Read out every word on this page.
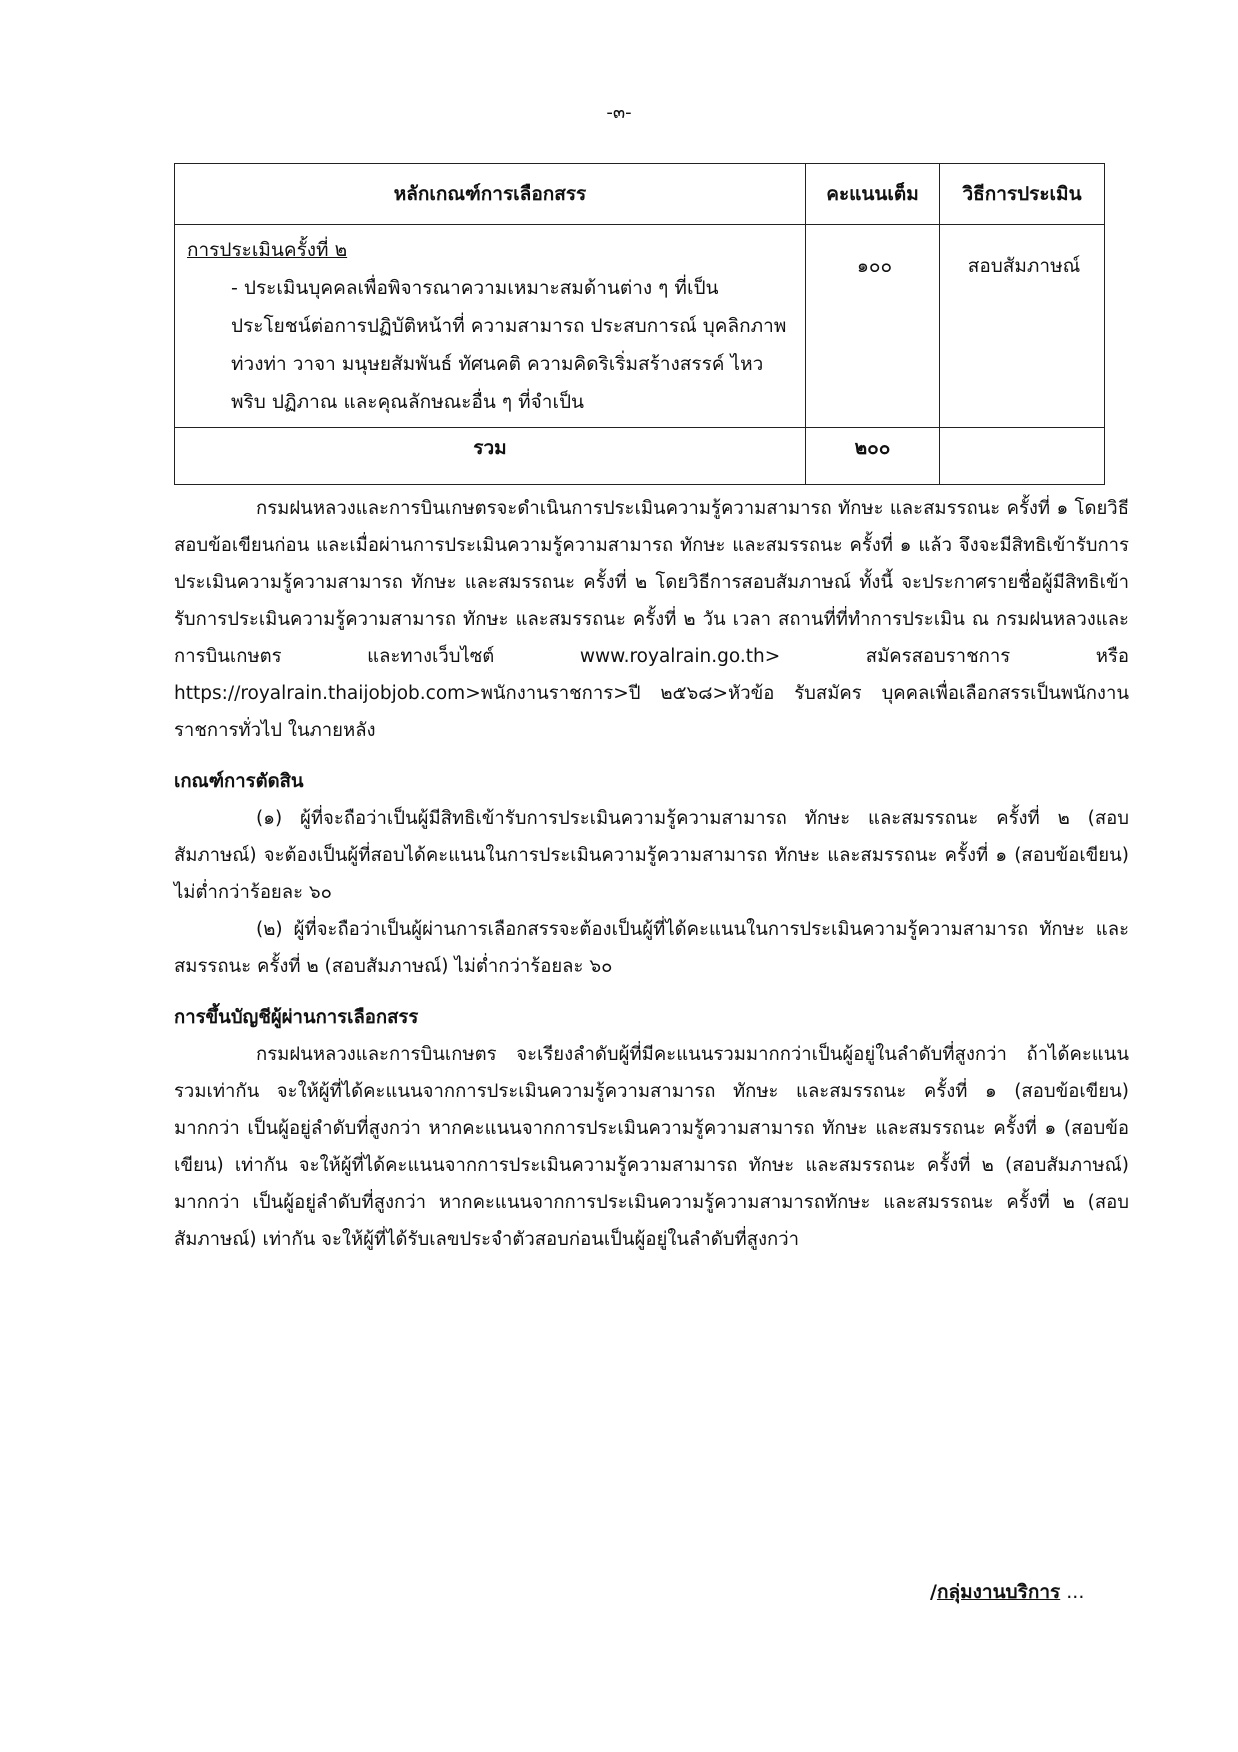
-๓-
หลักเกณฑ์การเลือกสรร	คะแนนเต็ม	วิธีการประเมิน

การประเมินครั้งที่ ๒
- ประเมินบุคคลเพื่อพิจารณาความเหมาะสมด้านต่าง ๆ ที่เป็นประโยชน์ต่อการปฏิบัติหน้าที่ ความสามารถ ประสบการณ์ บุคลิกภาพ ท่วงท่า วาจา มนุษยสัมพันธ์ ทัศนคติ ความคิดริเริ่มสร้างสรรค์ ไหวพริบ ปฏิภาณ และคุณลักษณะอื่น ๆ ที่จำเป็น	๑๐๐	สอบสัมภาษณ์
รวม	๒๐๐	

กรมฝนหลวงและการบินเกษตรจะดำเนินการประเมินความรู้ความสามารถ ทักษะ และสมรรถนะ ครั้งที่ ๑ โดยวิธีสอบข้อเขียนก่อน และเมื่อผ่านการประเมินความรู้ความสามารถ ทักษะ และสมรรถนะ ครั้งที่ ๑ แล้ว จึงจะมีสิทธิเข้ารับการประเมินความรู้ความสามารถ ทักษะ และสมรรถนะ ครั้งที่ ๒ โดยวิธีการสอบสัมภาษณ์ ทั้งนี้ จะประกาศรายชื่อผู้มีสิทธิเข้ารับการประเมินความรู้ความสามารถ ทักษะ และสมรรถนะ ครั้งที่ ๒ วัน เวลา สถานที่ที่ทำการประเมิน ณ กรมฝนหลวงและการบินเกษตร และทางเว็บไซต์ www.royalrain.go.th> สมัครสอบราชการ หรือ https://royalrain.thaijobjob.com>พนักงานราชการ>ปี ๒๕๖๘>หัวข้อ รับสมัคร บุคคลเพื่อเลือกสรรเป็นพนักงานราชการทั่วไป ในภายหลัง

เกณฑ์การตัดสิน

(๑) ผู้ที่จะถือว่าเป็นผู้มีสิทธิเข้ารับการประเมินความรู้ความสามารถ ทักษะ และสมรรถนะ ครั้งที่ ๒ (สอบสัมภาษณ์) จะต้องเป็นผู้ที่สอบได้คะแนนในการประเมินความรู้ความสามารถ ทักษะ และสมรรถนะ ครั้งที่ ๑ (สอบข้อเขียน) ไม่ต่ำกว่าร้อยละ ๖๐

(๒) ผู้ที่จะถือว่าเป็นผู้ผ่านการเลือกสรรจะต้องเป็นผู้ที่ได้คะแนนในการประเมินความรู้ความสามารถ ทักษะ และสมรรถนะ ครั้งที่ ๒ (สอบสัมภาษณ์) ไม่ต่ำกว่าร้อยละ ๖๐

การขึ้นบัญชีผู้ผ่านการเลือกสรร

กรมฝนหลวงและการบินเกษตร จะเรียงลำดับผู้ที่มีคะแนนรวมมากกว่าเป็นผู้อยู่ในลำดับที่สูงกว่า ถ้าได้คะแนนรวมเท่ากัน จะให้ผู้ที่ได้คะแนนจากการประเมินความรู้ความสามารถ ทักษะ และสมรรถนะ ครั้งที่ ๑ (สอบข้อเขียน) มากกว่า เป็นผู้อยู่ลำดับที่สูงกว่า หากคะแนนจากการประเมินความรู้ความสามารถ ทักษะ และสมรรถนะ ครั้งที่ ๑ (สอบข้อเขียน) เท่ากัน จะให้ผู้ที่ได้คะแนนจากการประเมินความรู้ความสามารถ ทักษะ และสมรรถนะ ครั้งที่ ๒ (สอบสัมภาษณ์) มากกว่า เป็นผู้อยู่ลำดับที่สูงกว่า หากคะแนนจากการประเมินความรู้ความสามารถทักษะ และสมรรถนะ ครั้งที่ ๒ (สอบสัมภาษณ์) เท่ากัน จะให้ผู้ที่ได้รับเลขประจำตัวสอบก่อนเป็นผู้อยู่ในลำดับที่สูงกว่า

/กลุ่มงานบริการ ...
